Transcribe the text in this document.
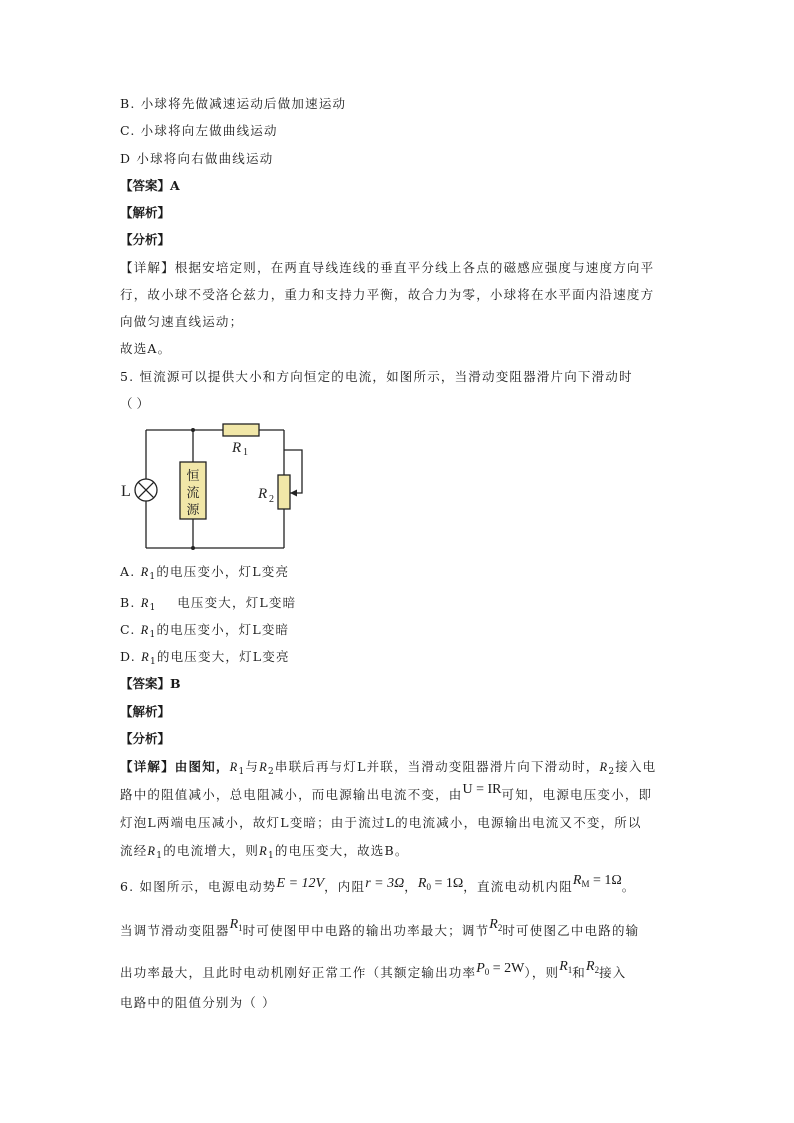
B. 小球将先做减速运动后做加速运动
C. 小球将向左做曲线运动
D 小球将向右做曲线运动
【答案】A
【解析】
【分析】
【详解】根据安培定则，在两直导线连线的垂直平分线上各点的磁感应强度与速度方向平
行，故小球不受洛仑兹力，重力和支持力平衡，故合力为零，小球将在水平面内沿速度方
向做匀速直线运动；
故选A。
5. 恒流源可以提供大小和方向恒定的电流，如图所示，当滑动变阻器滑片向下滑动时
（ ）
R 1
R 2
恒流源
L
A. $R_1$的电压变小，灯L变亮
B. $R_1$    电压变大，灯L变暗
C. $R_1$的电压变小，灯L变暗
D. $R_1$的电压变大，灯L变亮
【答案】B
【解析】
【分析】
【详解】由图知，$R_1$与$R_2$串联后再与灯L并联，当滑动变阻器滑片向下滑动时，$R_2$接入电
路中的阻值减小，总电阻减小，而电源输出电流不变，由U = IR可知，电源电压变小，即
灯泡L两端电压减小，故灯L变暗；由于流过L的电流减小，电源输出电流又不变，所以
流经$R_1$的电流增大，则$R_1$的电压变大，故选B。
6. 如图所示，电源电动势E = 12V，内阻r = 3Ω，$R_0 = 1\Omega$，直流电动机内阻$R_M = 1\Omega$。
当调节滑动变阻器$R_1$时可使图甲中电路的输出功率最大；调节$R_2$时可使图乙中电路的输
出功率最大，且此时电动机刚好正常工作（其额定输出功率$P_0 = 2W$），则$R_1$和$R_2$接入
电路中的阻值分别为（ ）
